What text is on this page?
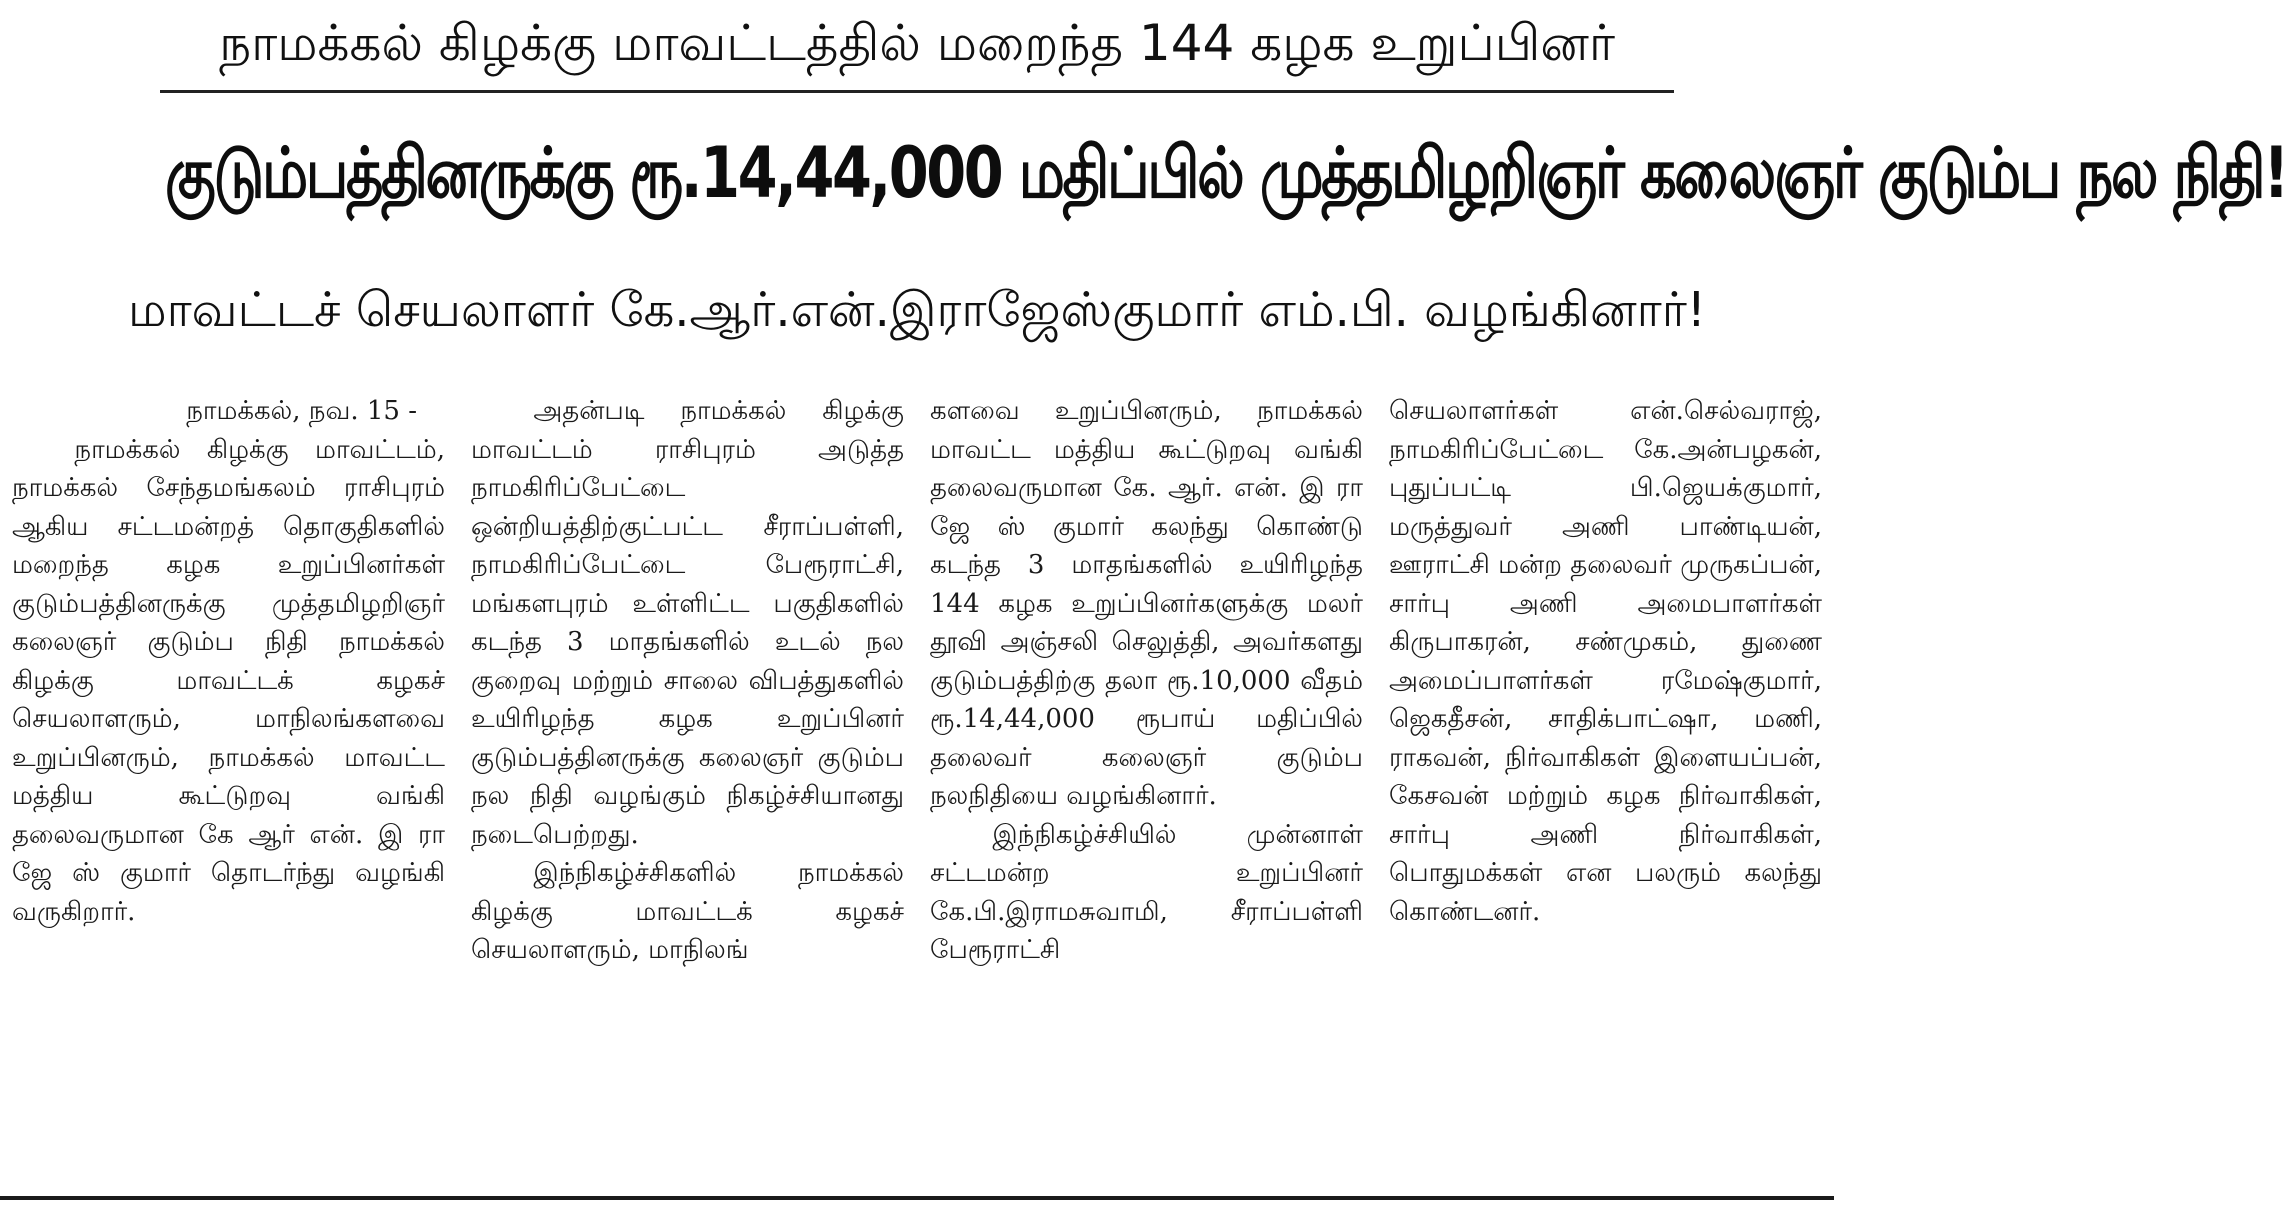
நாமக்கல் கிழக்கு மாவட்டத்தில் மறைந்த 144 கழக உறுப்பினர்
குடும்பத்தினருக்கு ரூ.14,44,000 மதிப்பில் முத்தமிழறிஞர் கலைஞர் குடும்ப நல நிதி!
மாவட்டச் செயலாளர் கே.ஆர்.என்.இராஜேஸ்குமார் எம்.பி. வழங்கினார்!
நாமக்கல், நவ. 15 -

நாமக்கல் கிழக்கு மாவட்டம், நாமக்கல் சேந்தமங்கலம் ராசிபுரம் ஆகிய சட்டமன்றத் தொகுதிகளில் மறைந்த கழக உறுப்பினர்கள் குடும்பத்தினருக்கு முத்தமிழறிஞர் கலைஞர் குடும்ப நிதி நாமக்கல் கிழக்கு மாவட்டக் கழகச் செயலாளரும், மாநிலங்களவை உறுப்பினரும், நாமக்கல் மாவட்ட மத்திய கூட்டுறவு வங்கி தலைவருமான கே ஆர் என். இ ரா ஜே ஸ் குமார் தொடர்ந்து வழங்கி வருகிறார்.

அதன்படி நாமக்கல் கிழக்கு மாவட்டம் ராசிபுரம் அடுத்த நாமகிரிப்பேட்டை ஒன்றியத்திற்குட்பட்ட சீராப்பள்ளி, நாமகிரிப்பேட்டை பேரூராட்சி, மங்களபுரம் உள்ளிட்ட பகுதிகளில் கடந்த 3 மாதங்களில் உடல் நல குறைவு மற்றும் சாலை விபத்துகளில் உயிரிழந்த கழக உறுப்பினர் குடும்பத்தினருக்கு கலைஞர் குடும்ப நல நிதி வழங்கும் நிகழ்ச்சியானது நடைபெற்றது.

இந்நிகழ்ச்சிகளில் நாமக்கல் கிழக்கு மாவட்டக் கழகச் செயலாளரும், மாநிலங்

களவை உறுப்பினரும், நாமக்கல் மாவட்ட மத்திய கூட்டுறவு வங்கி தலைவருமான கே. ஆர். என். இ ரா ஜே ஸ் குமார் கலந்து கொண்டு கடந்த 3 மாதங்களில் உயிரிழந்த 144 கழக உறுப்பினர்களுக்கு மலர் தூவி அஞ்சலி செலுத்தி, அவர்களது குடும்பத்திற்கு தலா ரூ.10,000 வீதம் ரூ.14,44,000 ரூபாய் மதிப்பில் தலைவர் கலைஞர் குடும்ப நலநிதியை வழங்கினார்.

இந்நிகழ்ச்சியில் முன்னாள் சட்டமன்ற உறுப்பினர் கே.பி.இராமசுவாமி, சீராப்பள்ளி பேரூராட்சி

செயலாளர்கள் என்.செல்வராஜ், நாமகிரிப்பேட்டை கே.அன்பழகன், புதுப்பட்டி பி.ஜெயக்குமார், மருத்துவர் அணி பாண்டியன், ஊராட்சி மன்ற தலைவர் முருகப்பன், சார்பு அணி அமைபாளர்கள் கிருபாகரன், சண்முகம், துணை அமைப்பாளர்கள் ரமேஷ்குமார், ஜெகதீசன், சாதிக்பாட்ஷா, மணி, ராகவன், நிர்வாகிகள் இளையப்பன், கேசவன் மற்றும் கழக நிர்வாகிகள், சார்பு அணி நிர்வாகிகள், பொதுமக்கள் என பலரும் கலந்து கொண்டனர்.
